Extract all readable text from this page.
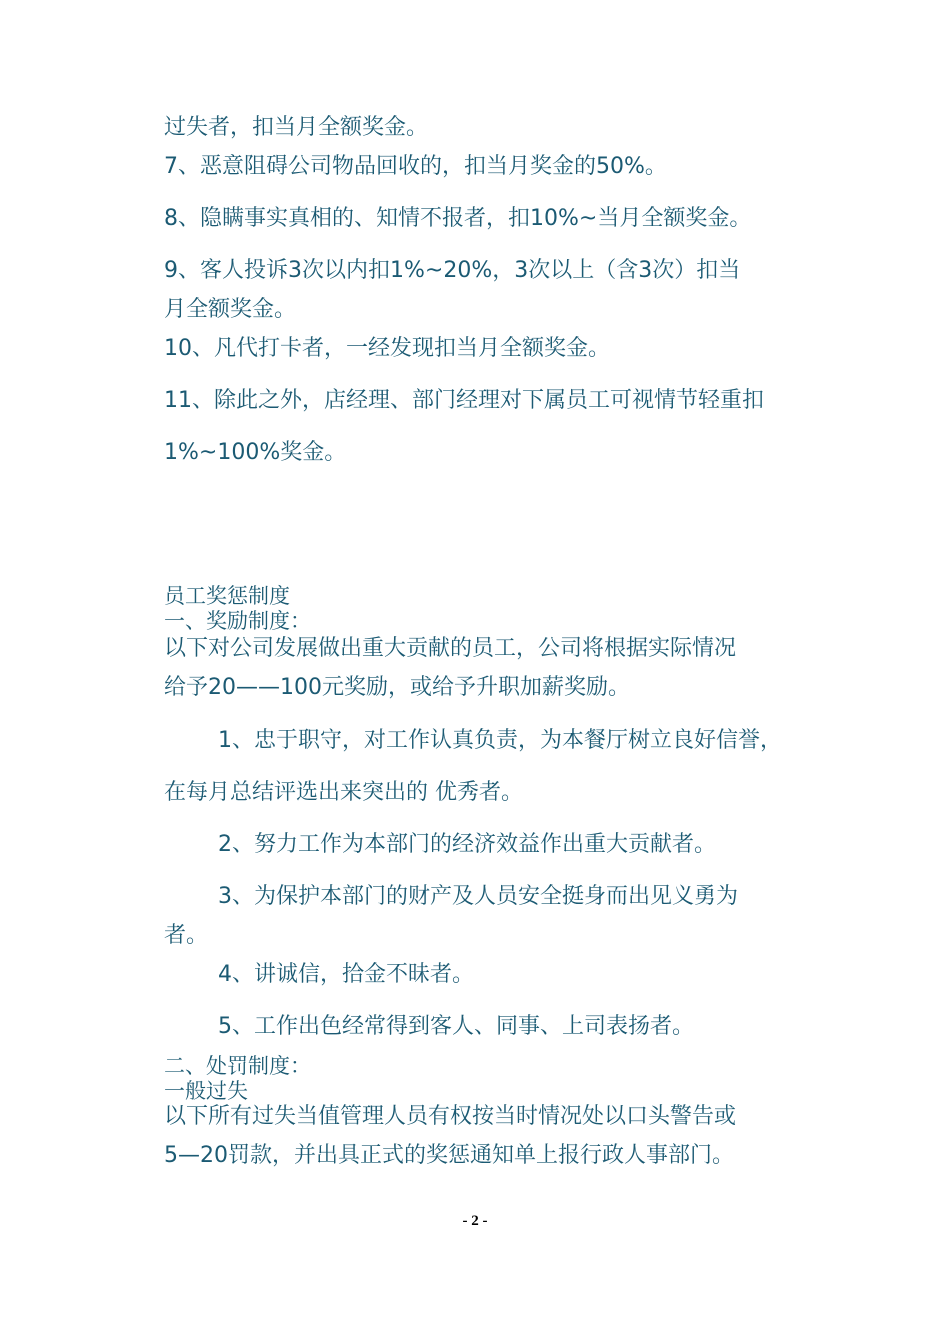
过失者，扣当月全额奖金。

7、恶意阻碍公司物品回收的，扣当月奖金的50%。

8、隐瞒事实真相的、知情不报者，扣10%~当月全额奖金。

9、客人投诉3次以内扣1%~20%，3次以上（含3次）扣当

月全额奖金。

10、凡代打卡者，一经发现扣当月全额奖金。

11、除此之外，店经理、部门经理对下属员工可视情节轻重扣

1%~100%奖金。

员工奖惩制度

一、奖励制度：

以下对公司发展做出重大贡献的员工，公司将根据实际情况

给予20——100元奖励，或给予升职加薪奖励。

1、忠于职守，对工作认真负责，为本餐厅树立良好信誉，

在每月总结评选出来突出的 优秀者。

2、努力工作为本部门的经济效益作出重大贡献者。

3、为保护本部门的财产及人员安全挺身而出见义勇为

者。

4、讲诚信，拾金不昧者。

5、工作出色经常得到客人、同事、上司表扬者。

二、处罚制度：

一般过失

以下所有过失当值管理人员有权按当时情况处以口头警告或

5—20罚款，并出具正式的奖惩通知单上报行政人事部门。

- 2 -
